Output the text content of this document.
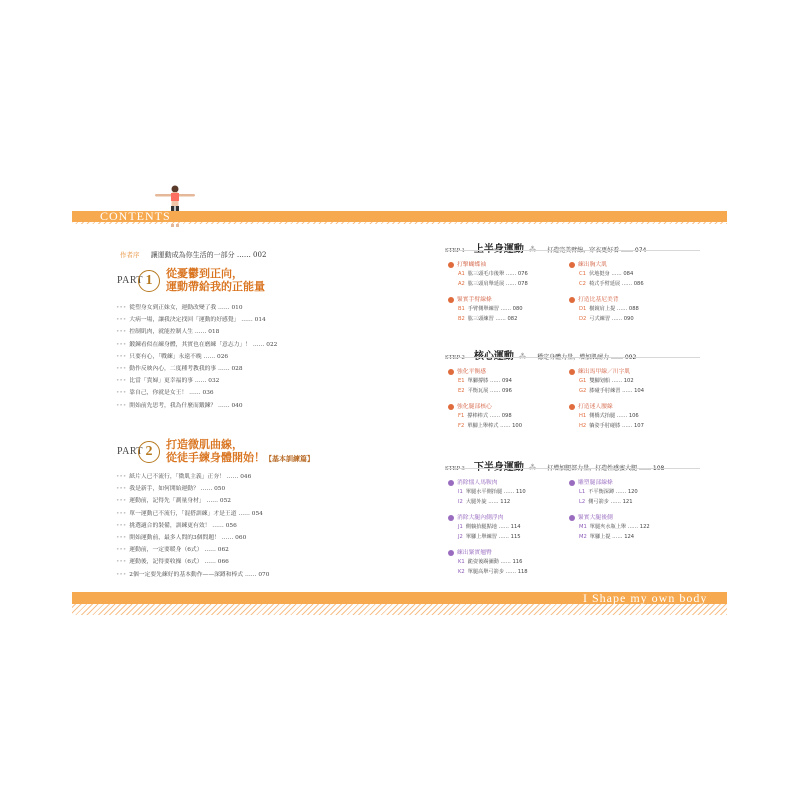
CONTENTS
I Shape my own body
作者序 讓運動成為你生活的一部分 …… 002
PART 1	從憂鬱到正向，
運動帶給我的正能量
••• 從塑身女到正妹女，運動改變了我 …… 010
••• 大病一場，讓我決定找回「運動的好感覺」 …… 014
••• 控制肌肉，就能控制人生 …… 018
••• 鍛鍊看似在練身體，其實也在磨練「意志力」！ …… 022
••• 只要有心，「戰練」永遠不晚 …… 026
••• 動作反映內心，二度種考教我的事 …… 028
••• 比當「貴婦」更幸福的事 …… 032
••• 靠自己，你就是女王！ …… 036
••• 開始前先思考，我為什麼而鍛鍊？ …… 040
PART 2	打造微肌曲線，
從徒手練身體開始！【基本訓練篇】
••• 紙片人已不流行，「微肌主義」正夯！ …… 046
••• 我是新手，如何開始運動？ …… 050
••• 運動前，記得先「測量身材」 …… 052
••• 單一運動已不流行，「混搭訓練」才是王道 …… 054
••• 挑選適合的裝備，訓練更有效！ …… 056
••• 開始運動前，最多人問的3個問題！ …… 060
••• 運動前，一定要暖身（6式） …… 062
••• 運動後，記得要收操（6式） …… 066
••• 2個一定要先練好的基本動作——深蹲和棒式 …… 070
打擊蝴蝶袖
A1 肱三頭毛巾後舉 …… 076
A2 肱三頭肩舉延展 …… 078
緊實手臂線條
B1 手臂側舉練習 …… 080
B2 肱三頭練習 …… 082
練出胸大肌
C1 伏地挺身 …… 084
C2 椅式手臂延展 …… 086
打造比基尼美背
D1 樹鏡肩上提 …… 088
D2 弓式練習 …… 090
強化平衡感
E1 單腳撐膝 …… 094
E2 平衡瓦展 …… 096
強化腿部核心
F1 撐棒棒式 …… 098
F2 單腳上舉棒式 …… 100
練出馬甲線／川字肌
G1 雙腳划船 …… 102
G2 膝碰手肘練習 …… 104
打造迷人腰線
H1 側橋式抬腿 …… 106
H2 躺姿手肘碰膝 …… 107
消除惱人馬鞍肉
I1 單腿水平側抬腿 …… 110
I2 大腿外旋 …… 112
消除大腿內側浮肉
J1 側躺抬腿點地 …… 114
J2 單腳上舉練習 …… 115
練出緊實翹臀
K1 跪姿後踢彌動 …… 116
K2 單腿高舉弓箭步 …… 118
雕塑腿部線條
L1 不平衡深蹲 …… 120
L2 側弓箭步 …… 121
緊實大腿後側
M1 單腿夾水瓶上舉 …… 122
M2 單腳上提 …… 124
